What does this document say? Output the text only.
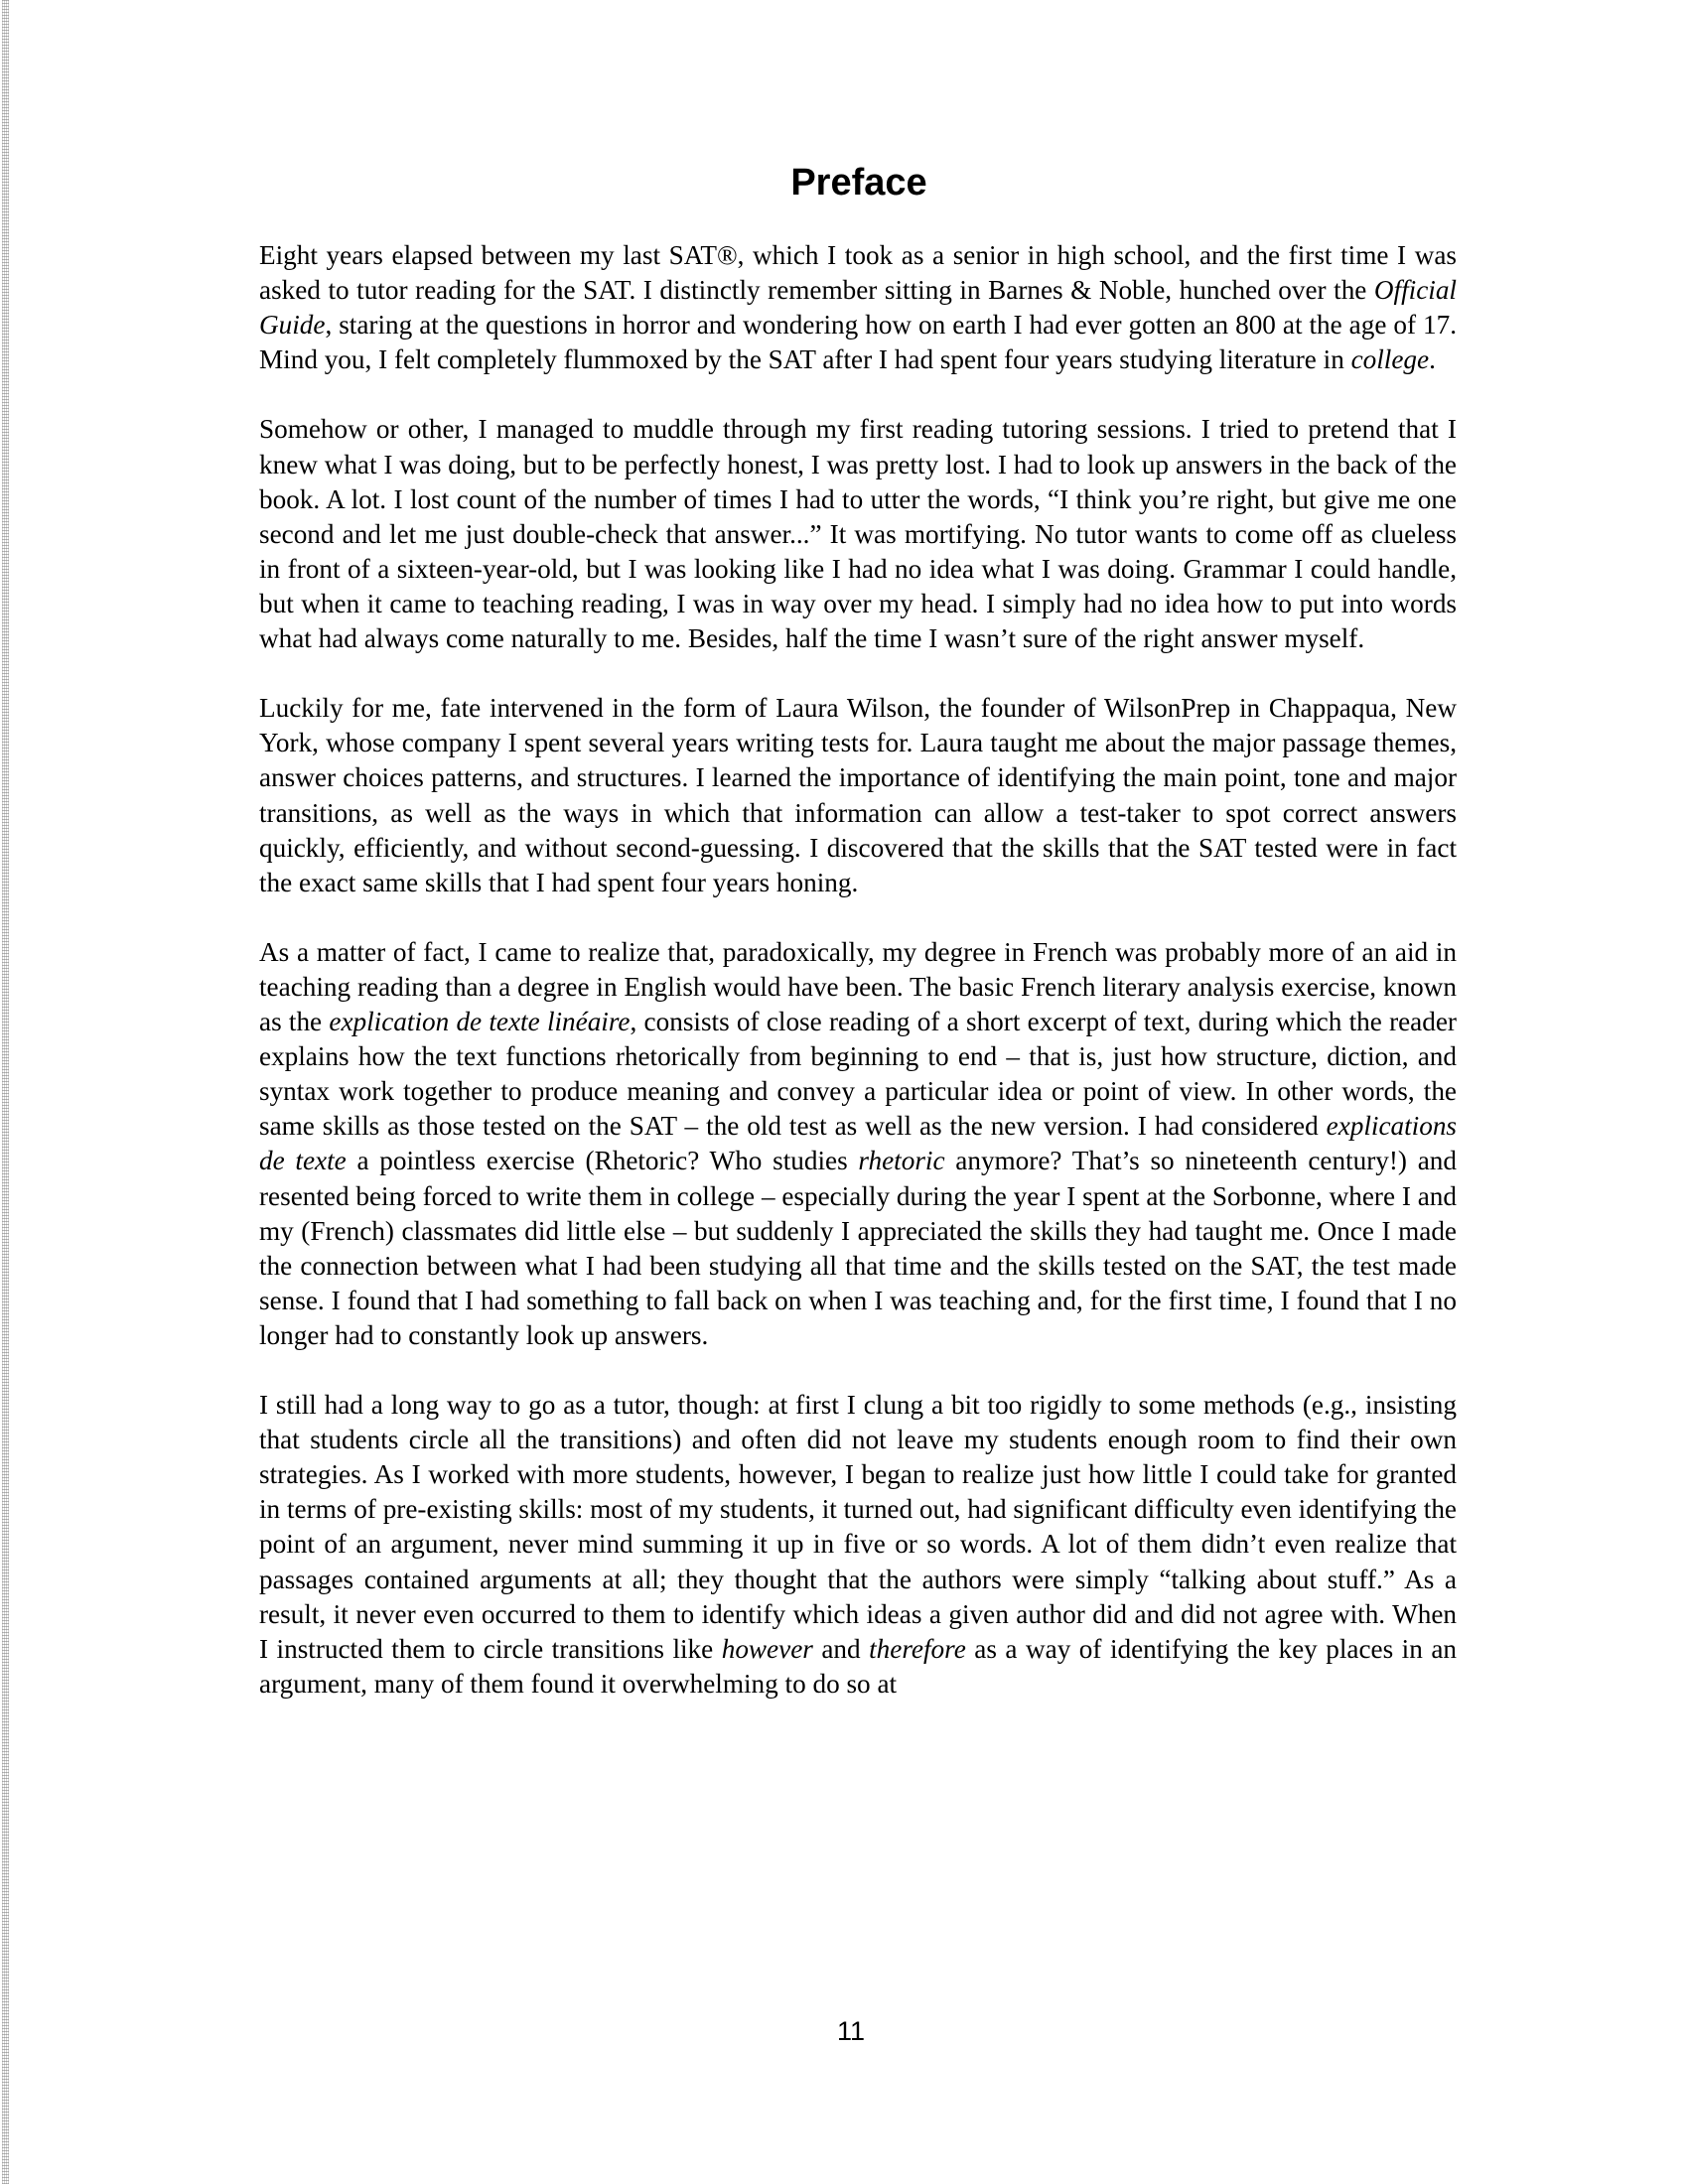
Preface

Eight years elapsed between my last SAT®, which I took as a senior in high school, and the first time I was asked to tutor reading for the SAT. I distinctly remember sitting in Barnes & Noble, hunched over the Official Guide, staring at the questions in horror and wondering how on earth I had ever gotten an 800 at the age of 17. Mind you, I felt completely flummoxed by the SAT after I had spent four years studying literature in college.

Somehow or other, I managed to muddle through my first reading tutoring sessions. I tried to pretend that I knew what I was doing, but to be perfectly honest, I was pretty lost. I had to look up answers in the back of the book. A lot. I lost count of the number of times I had to utter the words, “I think you’re right, but give me one second and let me just double-check that answer...” It was mortifying. No tutor wants to come off as clueless in front of a sixteen-year-old, but I was looking like I had no idea what I was doing. Grammar I could handle, but when it came to teaching reading, I was in way over my head. I simply had no idea how to put into words what had always come naturally to me. Besides, half the time I wasn’t sure of the right answer myself.

Luckily for me, fate intervened in the form of Laura Wilson, the founder of WilsonPrep in Chappaqua, New York, whose company I spent several years writing tests for. Laura taught me about the major passage themes, answer choices patterns, and structures. I learned the importance of identifying the main point, tone and major transitions, as well as the ways in which that information can allow a test-taker to spot correct answers quickly, efficiently, and without second-guessing. I discovered that the skills that the SAT tested were in fact the exact same skills that I had spent four years honing.

As a matter of fact, I came to realize that, paradoxically, my degree in French was probably more of an aid in teaching reading than a degree in English would have been. The basic French literary analysis exercise, known as the explication de texte linéaire, consists of close reading of a short excerpt of text, during which the reader explains how the text functions rhetorically from beginning to end – that is, just how structure, diction, and syntax work together to produce meaning and convey a particular idea or point of view. In other words, the same skills as those tested on the SAT – the old test as well as the new version. I had considered explications de texte a pointless exercise (Rhetoric? Who studies rhetoric anymore? That’s so nineteenth century!) and resented being forced to write them in college – especially during the year I spent at the Sorbonne, where I and my (French) classmates did little else – but suddenly I appreciated the skills they had taught me. Once I made the connection between what I had been studying all that time and the skills tested on the SAT, the test made sense. I found that I had something to fall back on when I was teaching and, for the first time, I found that I no longer had to constantly look up answers.

I still had a long way to go as a tutor, though: at first I clung a bit too rigidly to some methods (e.g., insisting that students circle all the transitions) and often did not leave my students enough room to find their own strategies. As I worked with more students, however, I began to realize just how little I could take for granted in terms of pre-existing skills: most of my students, it turned out, had significant difficulty even identifying the point of an argument, never mind summing it up in five or so words. A lot of them didn’t even realize that passages contained arguments at all; they thought that the authors were simply “talking about stuff.” As a result, it never even occurred to them to identify which ideas a given author did and did not agree with. When I instructed them to circle transitions like however and therefore as a way of identifying the key places in an argument, many of them found it overwhelming to do so at

11
